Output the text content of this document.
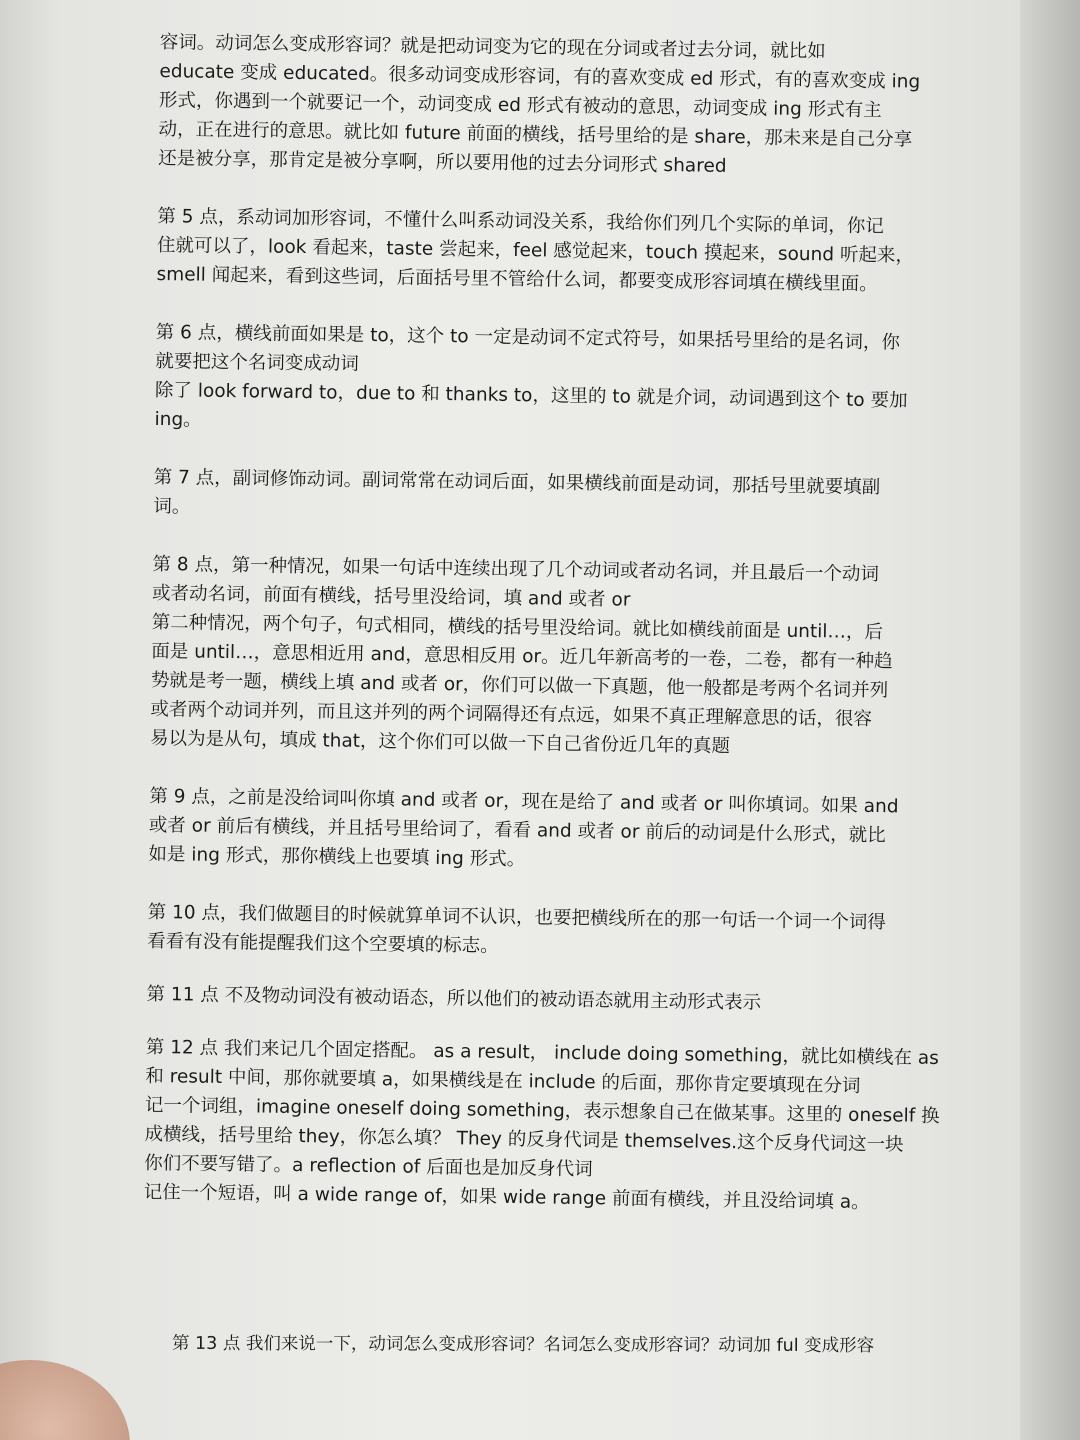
容词。动词怎么变成形容词？就是把动词变为它的现在分词或者过去分词，就比如
educate 变成 educated。很多动词变成形容词，有的喜欢变成 ed 形式，有的喜欢变成 ing
形式，你遇到一个就要记一个，动词变成 ed 形式有被动的意思，动词变成 ing 形式有主
动，正在进行的意思。就比如 future 前面的横线，括号里给的是 share，那未来是自己分享
还是被分享，那肯定是被分享啊，所以要用他的过去分词形式 shared
第 5 点，系动词加形容词，不懂什么叫系动词没关系，我给你们列几个实际的单词，你记
住就可以了，look 看起来，taste 尝起来，feel 感觉起来，touch 摸起来，sound 听起来，
smell 闻起来，看到这些词，后面括号里不管给什么词，都要变成形容词填在横线里面。
第 6 点，横线前面如果是 to，这个 to 一定是动词不定式符号，如果括号里给的是名词，你
就要把这个名词变成动词
除了 look forward to，due to 和 thanks to，这里的 to 就是介词，动词遇到这个 to 要加
ing。
第 7 点，副词修饰动词。副词常常在动词后面，如果横线前面是动词，那括号里就要填副
词。
第 8 点，第一种情况，如果一句话中连续出现了几个动词或者动名词，并且最后一个动词
或者动名词，前面有横线，括号里没给词，填 and 或者 or
第二种情况，两个句子，句式相同，横线的括号里没给词。就比如横线前面是 until…，后
面是 until…，意思相近用 and，意思相反用 or。近几年新高考的一卷，二卷，都有一种趋
势就是考一题，横线上填 and 或者 or，你们可以做一下真题，他一般都是考两个名词并列
或者两个动词并列，而且这并列的两个词隔得还有点远，如果不真正理解意思的话，很容
易以为是从句，填成 that，这个你们可以做一下自己省份近几年的真题
第 9 点，之前是没给词叫你填 and 或者 or，现在是给了 and 或者 or 叫你填词。如果 and
或者 or 前后有横线，并且括号里给词了，看看 and 或者 or 前后的动词是什么形式，就比
如是 ing 形式，那你横线上也要填 ing 形式。
第 10 点，我们做题目的时候就算单词不认识，也要把横线所在的那一句话一个词一个词得
看看有没有能提醒我们这个空要填的标志。
第 11 点 不及物动词没有被动语态，所以他们的被动语态就用主动形式表示
第 12 点 我们来记几个固定搭配。 as a result， include doing something，就比如横线在 as
和 result 中间，那你就要填 a，如果横线是在 include 的后面，那你肯定要填现在分词
记一个词组，imagine oneself doing something，表示想象自己在做某事。这里的 oneself 换
成横线，括号里给 they，你怎么填？ They 的反身代词是 themselves.这个反身代词这一块
你们不要写错了。a reflection of 后面也是加反身代词
记住一个短语，叫 a wide range of，如果 wide range 前面有横线，并且没给词填 a。
第 13 点 我们来说一下，动词怎么变成形容词？名词怎么变成形容词？动词加 ful 变成形容
